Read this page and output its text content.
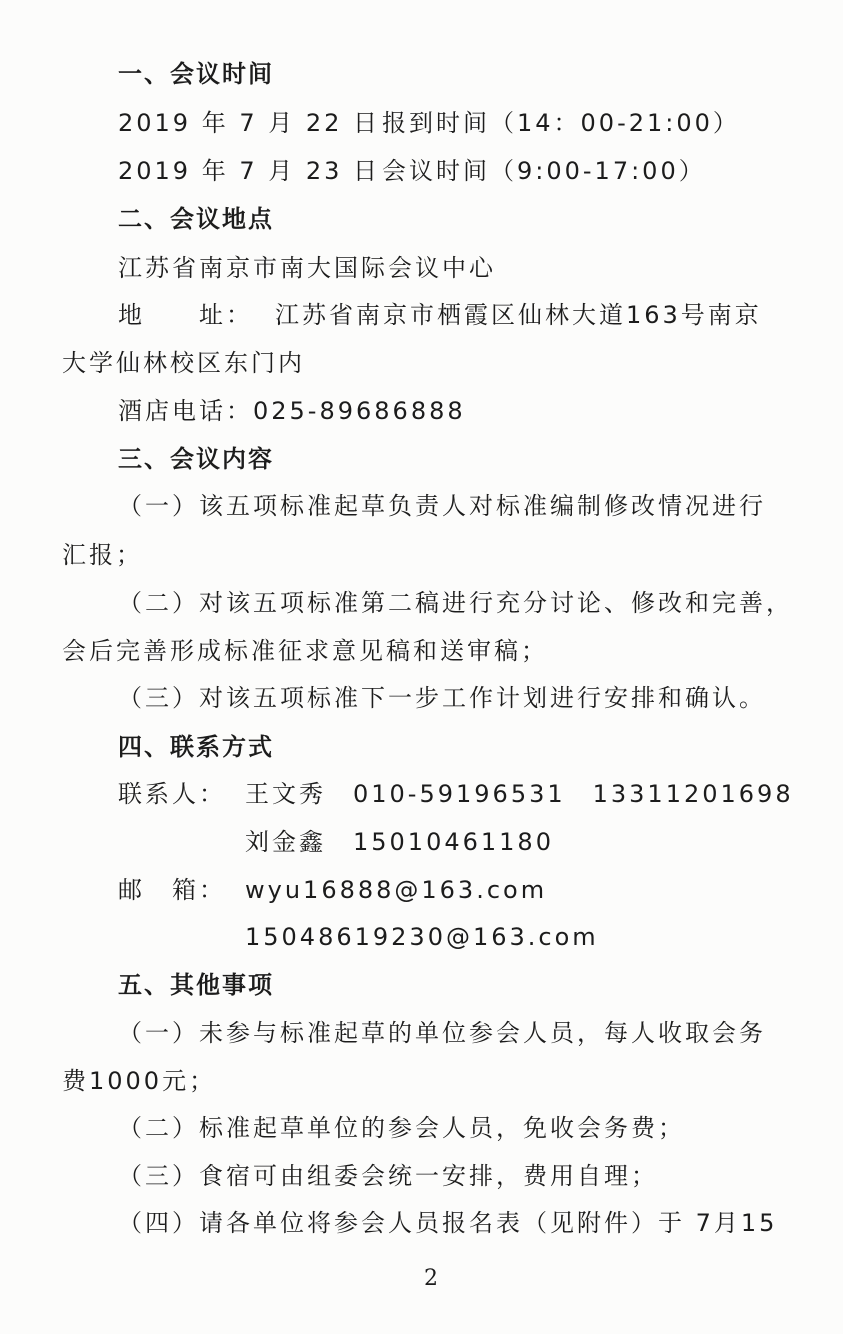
一、会议时间
2019 年 7 月 22 日 报到时间（14：00-21:00）
2019 年 7 月 23 日 会议时间（9:00-17:00）
二、会议地点
江苏省南京市南大国际会议中心
地　　址： 江苏省南京市栖霞区仙林大道163号南京
大学仙林校区东门内
酒店电话：025-89686888
三、会议内容
（一）该五项标准起草负责人对标准编制修改情况进行
汇报；
（二）对该五项标准第二稿进行充分讨论、修改和完善，
会后完善形成标准征求意见稿和送审稿；
（三）对该五项标准下一步工作计划进行安排和确认。
四、联系方式
联系人： 王文秀　010-59196531　13311201698
刘金鑫　15010461180
邮　箱： wyu16888@163.com
15048619230@163.com
五、其他事项
（一）未参与标准起草的单位参会人员，每人收取会务
费1000元；
（二）标准起草单位的参会人员，免收会务费；
（三）食宿可由组委会统一安排，费用自理；
（四）请各单位将参会人员报名表（见附件）于 7月15
2
